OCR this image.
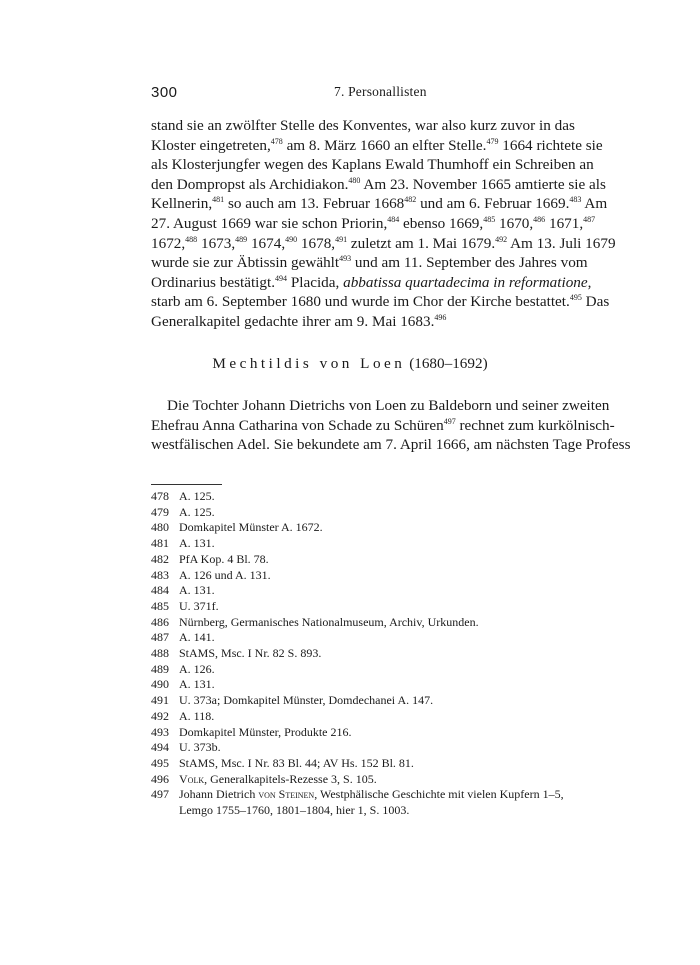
300	7. Personallisten
stand sie an zwölfter Stelle des Konventes, war also kurz zuvor in das
Kloster eingetreten,$^{478}$ am 8. März 1660 an elfter Stelle.$^{479}$ 1664 richtete sie
als Klosterjungfer wegen des Kaplans Ewald Thumhoff ein Schreiben an
den Dompropst als Archidiakon.$^{480}$ Am 23. November 1665 amtierte sie als
Kellnerin,$^{481}$ so auch am 13. Februar 1668$^{482}$ und am 6. Februar 1669.$^{483}$ Am
27. August 1669 war sie schon Priorin,$^{484}$ ebenso 1669,$^{485}$ 1670,$^{486}$ 1671,$^{487}$
1672,$^{488}$ 1673,$^{489}$ 1674,$^{490}$ 1678,$^{491}$ zuletzt am 1. Mai 1679.$^{492}$ Am 13. Juli 1679
wurde sie zur Äbtissin gewählt$^{493}$ und am 11. September des Jahres vom
Ordinarius bestätigt.$^{494}$ Placida, abbatissa quartadecima in reformatione,
starb am 6. September 1680 und wurde im Chor der Kirche bestattet.$^{495}$ Das
Generalkapitel gedachte ihrer am 9. Mai 1683.$^{496}$
Mechtildis von Loen (1680–1692)
Die Tochter Johann Dietrichs von Loen zu Baldeborn und seiner zweiten
Ehefrau Anna Catharina von Schade zu Schüren$^{497}$ rechnet zum kurkölnisch-
westfälischen Adel. Sie bekundete am 7. April 1666, am nächsten Tage Profess
478 A. 125.
479 A. 125.
480 Domkapitel Münster A. 1672.
481 A. 131.
482 PfA Kop. 4 Bl. 78.
483 A. 126 und A. 131.
484 A. 131.
485 U. 371f.
486 Nürnberg, Germanisches Nationalmuseum, Archiv, Urkunden.
487 A. 141.
488 StAMS, Msc. I Nr. 82 S. 893.
489 A. 126.
490 A. 131.
491 U. 373a; Domkapitel Münster, Domdechanei A. 147.
492 A. 118.
493 Domkapitel Münster, Produkte 216.
494 U. 373b.
495 StAMS, Msc. I Nr. 83 Bl. 44; AV Hs. 152 Bl. 81.
496 Volk, Generalkapitels-Rezesse 3, S. 105.
497 Johann Dietrich von Steinen, Westphälische Geschichte mit vielen Kupfern 1–5,
Lemgo 1755–1760, 1801–1804, hier 1, S. 1003.
